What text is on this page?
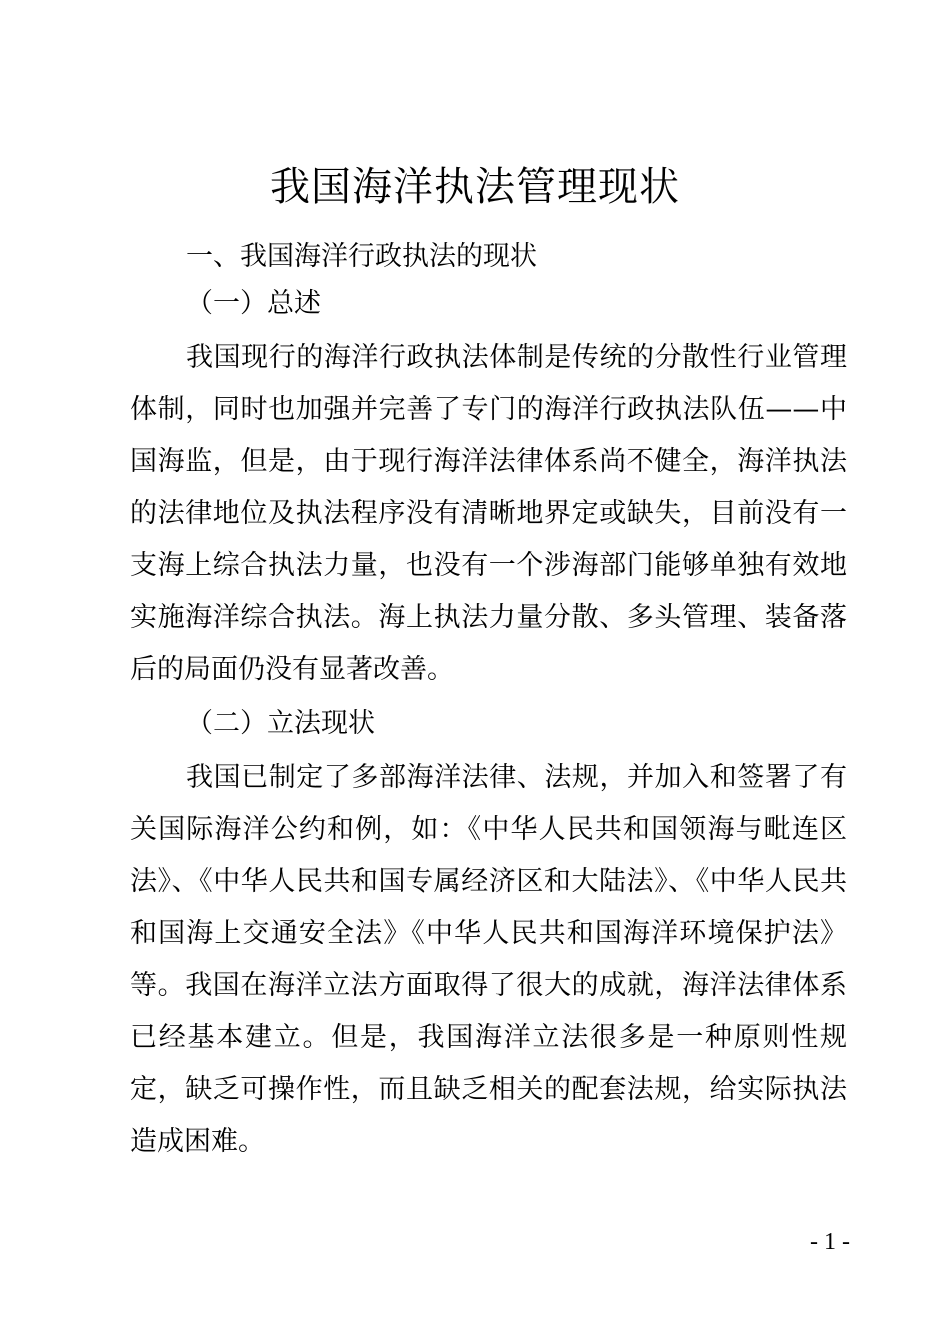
我国海洋执法管理现状
一、我国海洋行政执法的现状
（一）总述

我国现行的海洋行政执法体制是传统的分散性行业管理体制，同时也加强并完善了专门的海洋行政执法队伍——中国海监，但是，由于现行海洋法律体系尚不健全，海洋执法的法律地位及执法程序没有清晰地界定或缺失，目前没有一支海上综合执法力量，也没有一个涉海部门能够单独有效地实施海洋综合执法。海上执法力量分散、多头管理、装备落后的局面仍没有显著改善。

（二）立法现状

我国已制定了多部海洋法律、法规，并加入和签署了有关国际海洋公约和例，如：《中华人民共和国领海与毗连区法》、《中华人民共和国专属经济区和大陆法》、《中华人民共和国海上交通安全法》《中华人民共和国海洋环境保护法》等。我国在海洋立法方面取得了很大的成就，海洋法律体系已经基本建立。但是，我国海洋立法很多是一种原则性规定，缺乏可操作性，而且缺乏相关的配套法规，给实际执法造成困难。

- 1 -
